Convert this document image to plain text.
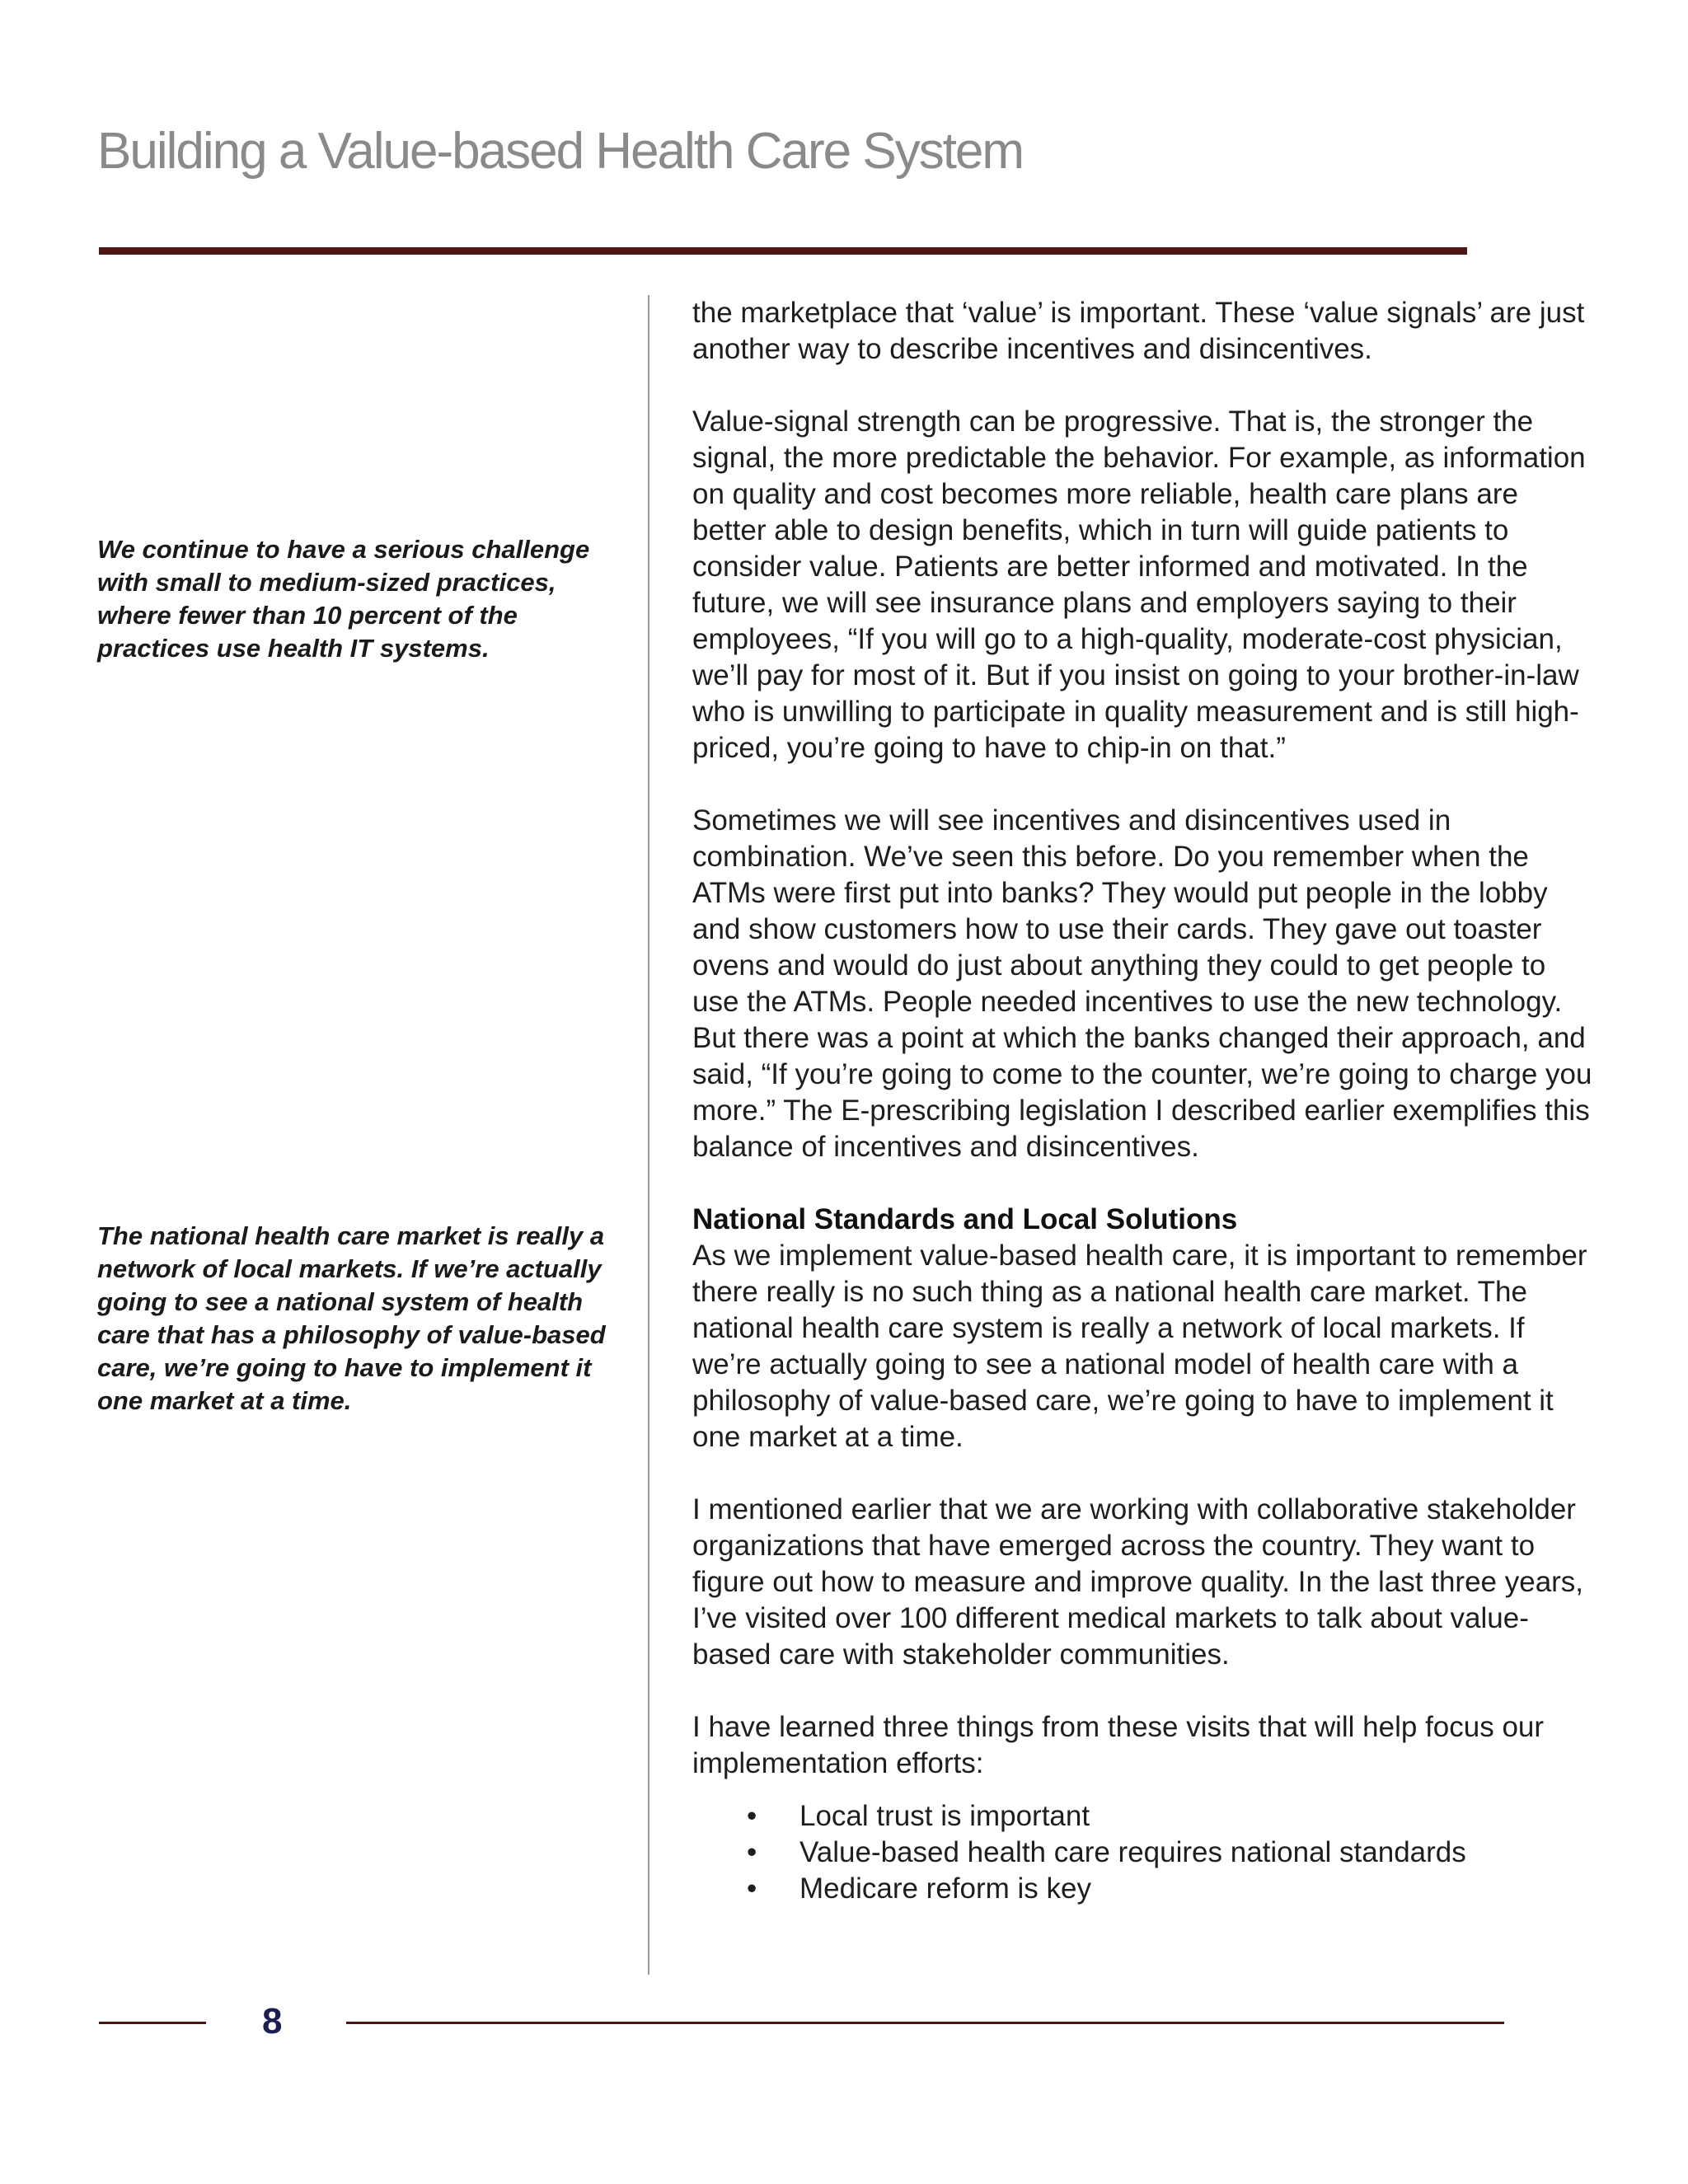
Building a Value-based Health Care System
We continue to have a serious challenge with small to medium-sized practices, where fewer than 10 percent of the practices use health IT systems.
The national health care market is really a network of local markets. If we’re actually going to see a national system of health care that has a philosophy of value-based care, we’re going to have to implement it one market at a time.

the marketplace that ‘value’ is important. These ‘value signals’ are just another way to describe incentives and disincentives.

Value-signal strength can be progressive. That is, the stronger the signal, the more predictable the behavior. For example, as information on quality and cost becomes more reliable, health care plans are better able to design benefits, which in turn will guide patients to consider value. Patients are better informed and motivated. In the future, we will see insurance plans and employers saying to their employees, “If you will go to a high-quality, moderate-cost physician, we’ll pay for most of it. But if you insist on going to your brother-in-law who is unwilling to participate in quality measurement and is still high-priced, you’re going to have to chip-in on that.”

Sometimes we will see incentives and disincentives used in combination. We’ve seen this before. Do you remember when the ATMs were first put into banks? They would put people in the lobby and show customers how to use their cards. They gave out toaster ovens and would do just about anything they could to get people to use the ATMs. People needed incentives to use the new technology. But there was a point at which the banks changed their approach, and said, “If you’re going to come to the counter, we’re going to charge you more.” The E-prescribing legislation I described earlier exemplifies this balance of incentives and disincentives.

National Standards and Local Solutions

As we implement value-based health care, it is important to remember there really is no such thing as a national health care market. The national health care system is really a network of local markets. If we’re actually going to see a national model of health care with a philosophy of value-based care, we’re going to have to implement it one market at a time.

I mentioned earlier that we are working with collaborative stakeholder organizations that have emerged across the country. They want to figure out how to measure and improve quality. In the last three years, I’ve visited over 100 different medical markets to talk about value-based care with stakeholder communities.

I have learned three things from these visits that will help focus our implementation efforts:

• Local trust is important
• Value-based health care requires national standards
• Medicare reform is key
8
